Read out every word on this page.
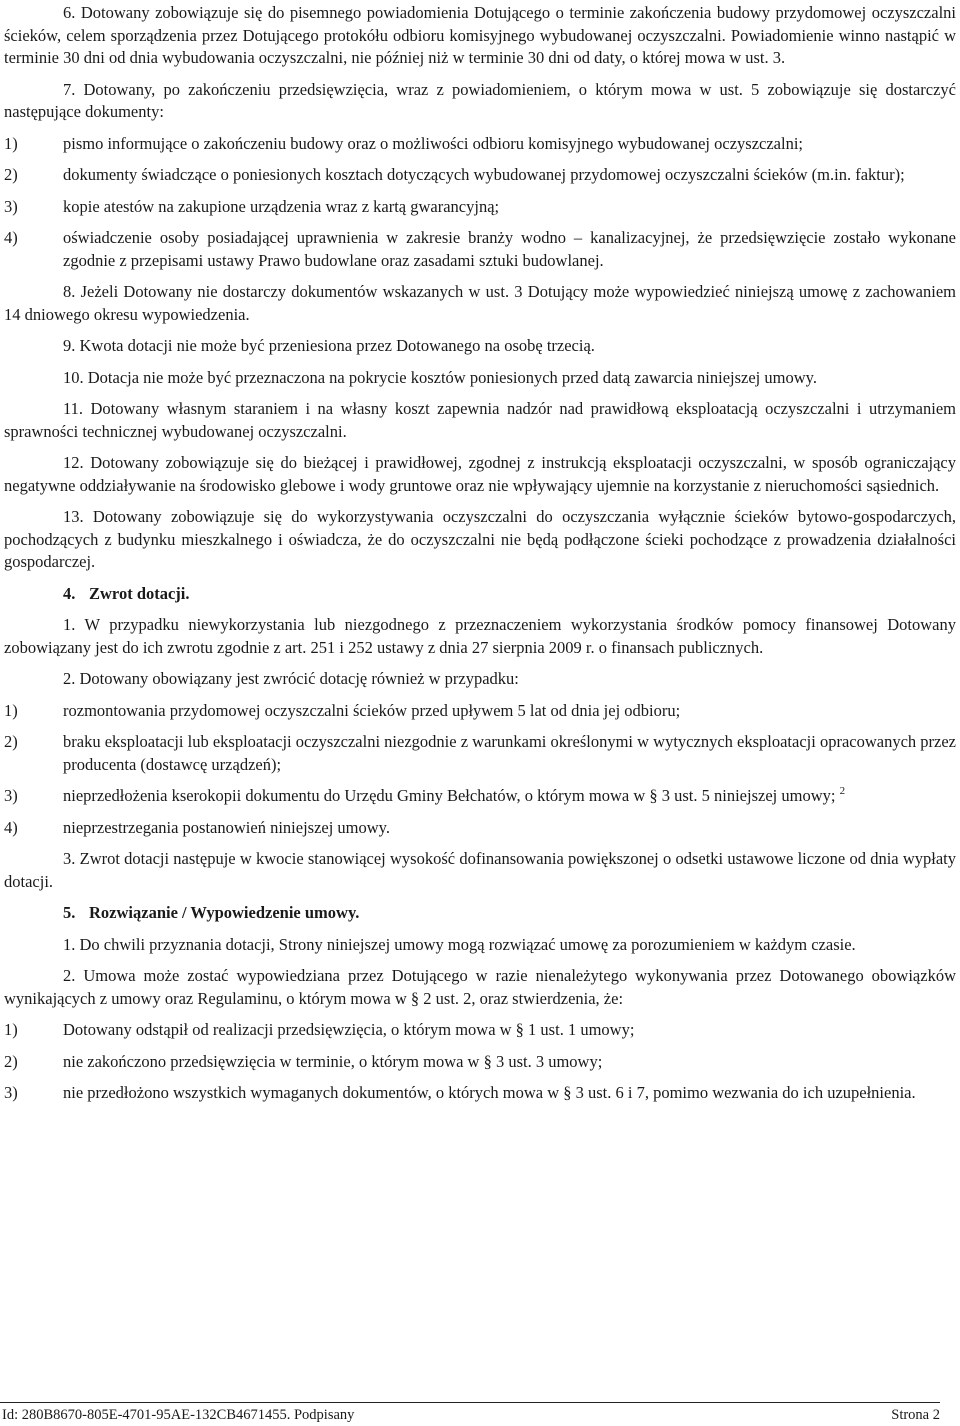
6. Dotowany zobowiązuje się do pisemnego powiadomienia Dotującego o terminie zakończenia budowy przydomowej oczyszczalni ścieków, celem sporządzenia przez Dotującego protokółu odbioru komisyjnego wybudowanej oczyszczalni. Powiadomienie winno nastąpić w terminie 30 dni od dnia wybudowania oczyszczalni, nie później niż w terminie 30 dni od daty, o której mowa w ust. 3.

7. Dotowany, po zakończeniu przedsięwzięcia, wraz z powiadomieniem, o którym mowa w ust. 5 zobowiązuje się dostarczyć następujące dokumenty:

1)	pismo informujące o zakończeniu budowy oraz o możliwości odbioru komisyjnego wybudowanej oczyszczalni;

2)	dokumenty świadczące o poniesionych kosztach dotyczących wybudowanej przydomowej oczyszczalni ścieków (m.in. faktur);

3)	kopie atestów na zakupione urządzenia wraz z kartą gwarancyjną;

4)	oświadczenie osoby posiadającej uprawnienia w zakresie branży wodno – kanalizacyjnej, że przedsięwzięcie zostało wykonane zgodnie z przepisami ustawy Prawo budowlane oraz zasadami sztuki budowlanej.

8. Jeżeli Dotowany nie dostarczy dokumentów wskazanych w ust. 3 Dotujący może wypowiedzieć niniejszą umowę z zachowaniem 14 dniowego okresu wypowiedzenia.

9. Kwota dotacji nie może być przeniesiona przez Dotowanego na osobę trzecią.

10. Dotacja nie może być przeznaczona na pokrycie kosztów poniesionych przed datą zawarcia niniejszej umowy.

11. Dotowany własnym staraniem i na własny koszt zapewnia nadzór nad prawidłową eksploatacją oczyszczalni i utrzymaniem sprawności technicznej wybudowanej oczyszczalni.

12. Dotowany zobowiązuje się do bieżącej i prawidłowej, zgodnej z instrukcją eksploatacji oczyszczalni, w sposób ograniczający negatywne oddziaływanie na środowisko glebowe i wody gruntowe oraz nie wpływający ujemnie na korzystanie z nieruchomości sąsiednich.

13. Dotowany zobowiązuje się do wykorzystywania oczyszczalni do oczyszczania wyłącznie ścieków bytowo-gospodarczych, pochodzących z budynku mieszkalnego i oświadcza, że do oczyszczalni nie będą podłączone ścieki pochodzące z prowadzenia działalności gospodarczej.

4. Zwrot dotacji.

1. W przypadku niewykorzystania lub niezgodnego z przeznaczeniem wykorzystania środków pomocy finansowej Dotowany zobowiązany jest do ich zwrotu zgodnie z art. 251 i 252 ustawy z dnia 27 sierpnia 2009 r. o finansach publicznych.

2. Dotowany obowiązany jest zwrócić dotację również w przypadku:

1)	rozmontowania przydomowej oczyszczalni ścieków przed upływem 5 lat od dnia jej odbioru;

2)	braku eksploatacji lub eksploatacji oczyszczalni niezgodnie z warunkami określonymi w wytycznych eksploatacji opracowanych przez producenta (dostawcę urządzeń);

3)	nieprzedłożenia kserokopii dokumentu do Urzędu Gminy Bełchatów, o którym mowa w § 3 ust. 5 niniejszej umowy; $^2$

4)	nieprzestrzegania postanowień niniejszej umowy.

3. Zwrot dotacji następuje w kwocie stanowiącej wysokość dofinansowania powiększonej o odsetki ustawowe liczone od dnia wypłaty dotacji.

5. Rozwiązanie / Wypowiedzenie umowy.

1. Do chwili przyznania dotacji, Strony niniejszej umowy mogą rozwiązać umowę za porozumieniem w każdym czasie.

2. Umowa może zostać wypowiedziana przez Dotującego w razie nienależytego wykonywania przez Dotowanego obowiązków wynikających z umowy oraz Regulaminu, o którym mowa w § 2 ust. 2, oraz stwierdzenia, że:

1)	Dotowany odstąpił od realizacji przedsięwzięcia, o którym mowa w § 1 ust. 1 umowy;

2)	nie zakończono przedsięwzięcia w terminie, o którym mowa w § 3 ust. 3 umowy;

3)	nie przedłożono wszystkich wymaganych dokumentów, o których mowa w § 3 ust. 6 i 7, pomimo wezwania do ich uzupełnienia.

Id: 280B8670-805E-4701-95AE-132CB4671455. Podpisany	Strona 2
